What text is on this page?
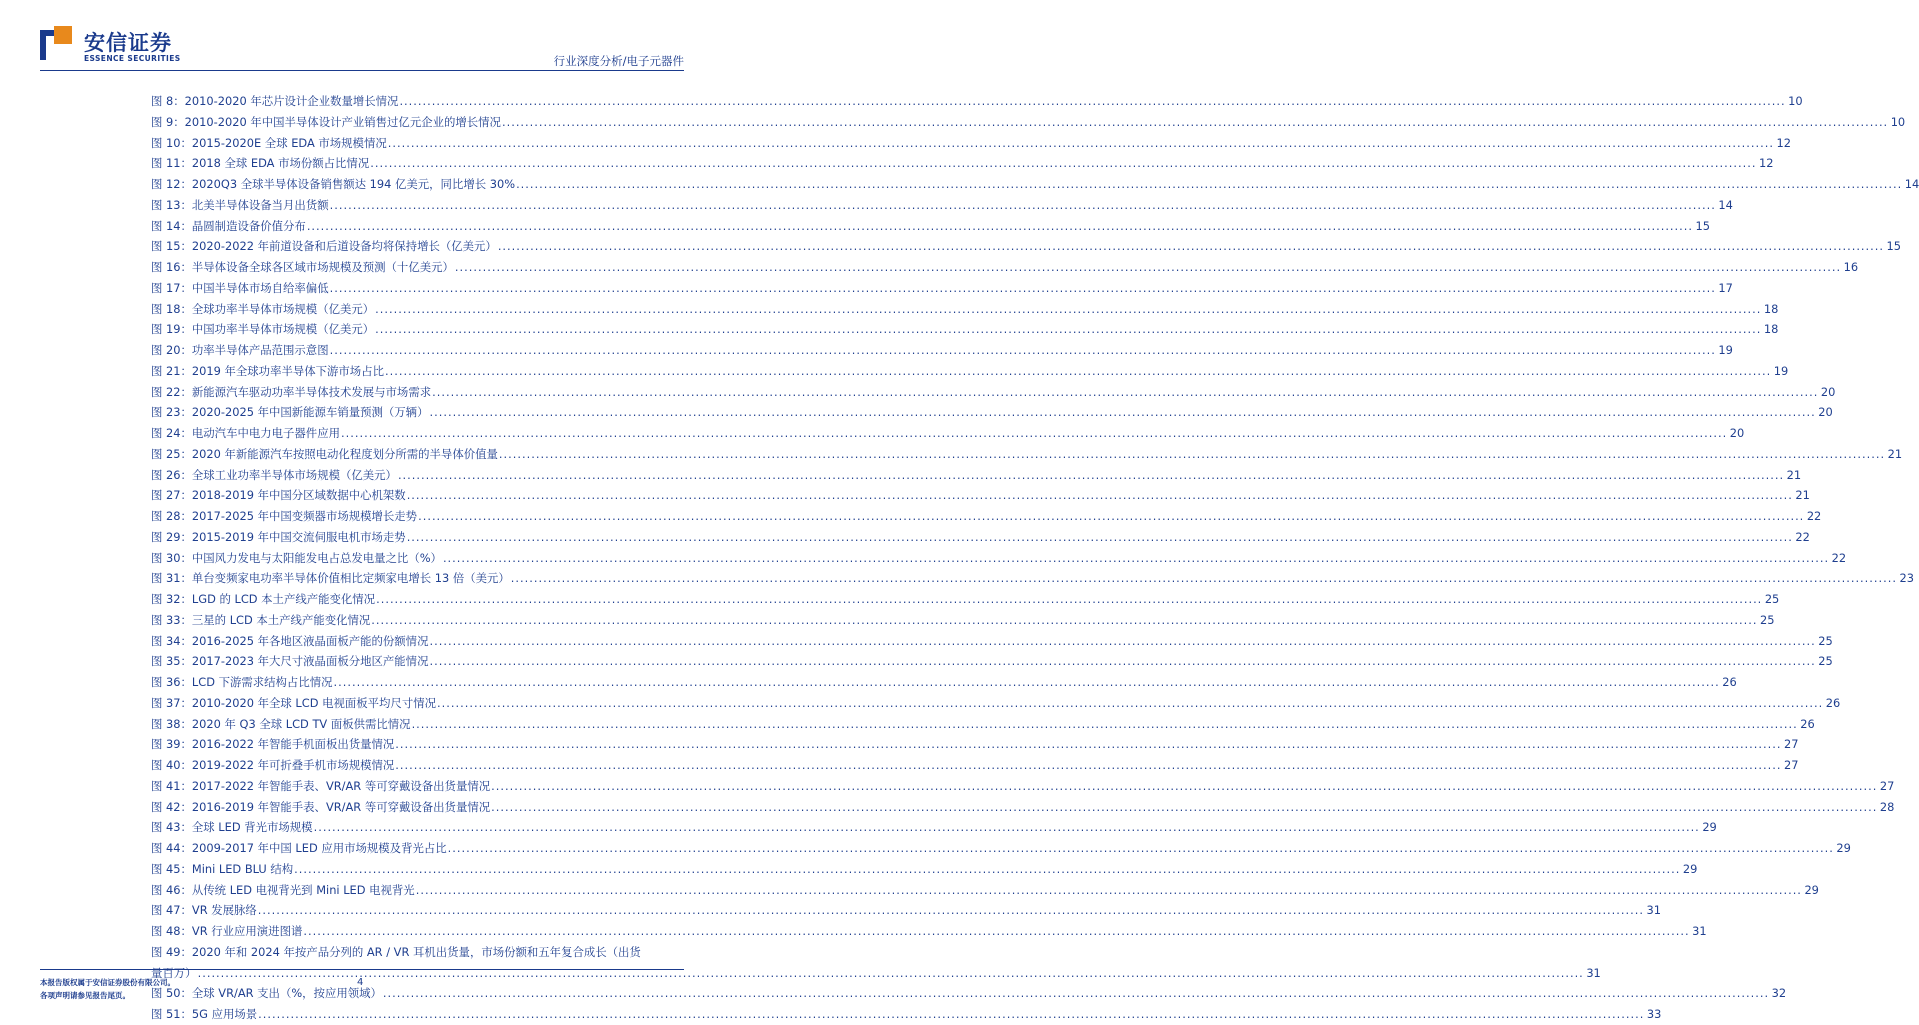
安信证券
ESSENCE SECURITIES	行业深度分析/电子元器件
图 8：2010-2020 年芯片设计企业数量增长情况 ............................................................................................................................................................................................................................................................................................................ 10
图 9：2010-2020 年中国半导体设计产业销售过亿元企业的增长情况 ............................................................................................................................................................................................................................................................................................................ 10
图 10：2015-2020E 全球 EDA 市场规模情况 ............................................................................................................................................................................................................................................................................................................ 12
图 11：2018 全球 EDA 市场份额占比情况 ............................................................................................................................................................................................................................................................................................................ 12
图 12：2020Q3 全球半导体设备销售额达 194 亿美元，同比增长 30% ............................................................................................................................................................................................................................................................................................................ 14
图 13：北美半导体设备当月出货额 ............................................................................................................................................................................................................................................................................................................ 14
图 14：晶圆制造设备价值分布 ............................................................................................................................................................................................................................................................................................................ 15
图 15：2020-2022 年前道设备和后道设备均将保持增长（亿美元） ............................................................................................................................................................................................................................................................................................................ 15
图 16：半导体设备全球各区域市场规模及预测（十亿美元） ............................................................................................................................................................................................................................................................................................................ 16
图 17：中国半导体市场自给率偏低 ............................................................................................................................................................................................................................................................................................................ 17
图 18：全球功率半导体市场规模（亿美元） ............................................................................................................................................................................................................................................................................................................ 18
图 19：中国功率半导体市场规模（亿美元） ............................................................................................................................................................................................................................................................................................................ 18
图 20：功率半导体产品范围示意图 ............................................................................................................................................................................................................................................................................................................ 19
图 21：2019 年全球功率半导体下游市场占比 ............................................................................................................................................................................................................................................................................................................ 19
图 22：新能源汽车驱动功率半导体技术发展与市场需求 ............................................................................................................................................................................................................................................................................................................ 20
图 23：2020-2025 年中国新能源车销量预测（万辆） ............................................................................................................................................................................................................................................................................................................ 20
图 24：电动汽车中电力电子器件应用 ............................................................................................................................................................................................................................................................................................................ 20
图 25：2020 年新能源汽车按照电动化程度划分所需的半导体价值量 ............................................................................................................................................................................................................................................................................................................ 21
图 26：全球工业功率半导体市场规模（亿美元） ............................................................................................................................................................................................................................................................................................................ 21
图 27：2018-2019 年中国分区域数据中心机架数 ............................................................................................................................................................................................................................................................................................................ 21
图 28：2017-2025 年中国变频器市场规模增长走势 ............................................................................................................................................................................................................................................................................................................ 22
图 29：2015-2019 年中国交流伺服电机市场走势 ............................................................................................................................................................................................................................................................................................................ 22
图 30：中国风力发电与太阳能发电占总发电量之比（%） ............................................................................................................................................................................................................................................................................................................ 22
图 31：单台变频家电功率半导体价值相比定频家电增长 13 倍（美元） ............................................................................................................................................................................................................................................................................................................ 23
图 32：LGD 的 LCD 本土产线产能变化情况 ............................................................................................................................................................................................................................................................................................................ 25
图 33：三星的 LCD 本土产线产能变化情况 ............................................................................................................................................................................................................................................................................................................ 25
图 34：2016-2025 年各地区液晶面板产能的份额情况 ............................................................................................................................................................................................................................................................................................................ 25
图 35：2017-2023 年大尺寸液晶面板分地区产能情况 ............................................................................................................................................................................................................................................................................................................ 25
图 36：LCD 下游需求结构占比情况 ............................................................................................................................................................................................................................................................................................................ 26
图 37：2010-2020 年全球 LCD 电视面板平均尺寸情况 ............................................................................................................................................................................................................................................................................................................ 26
图 38：2020 年 Q3 全球 LCD TV 面板供需比情况 ............................................................................................................................................................................................................................................................................................................ 26
图 39：2016-2022 年智能手机面板出货量情况 ............................................................................................................................................................................................................................................................................................................ 27
图 40：2019-2022 年可折叠手机市场规模情况 ............................................................................................................................................................................................................................................................................................................ 27
图 41：2017-2022 年智能手表、VR/AR 等可穿戴设备出货量情况 ............................................................................................................................................................................................................................................................................................................ 27
图 42：2016-2019 年智能手表、VR/AR 等可穿戴设备出货量情况 ............................................................................................................................................................................................................................................................................................................ 28
图 43：全球 LED 背光市场规模 ............................................................................................................................................................................................................................................................................................................ 29
图 44：2009-2017 年中国 LED 应用市场规模及背光占比 ............................................................................................................................................................................................................................................................................................................ 29
图 45：Mini LED BLU 结构 ............................................................................................................................................................................................................................................................................................................ 29
图 46：从传统 LED 电视背光到 Mini LED 电视背光 ............................................................................................................................................................................................................................................................................................................ 29
图 47：VR 发展脉络 ............................................................................................................................................................................................................................................................................................................ 31
图 48：VR 行业应用演进图谱 ............................................................................................................................................................................................................................................................................................................ 31
图 49：2020 年和 2024 年按产品分列的 AR / VR 耳机出货量，市场份额和五年复合成长（出货
量百万） ............................................................................................................................................................................................................................................................................................................ 31
图 50：全球 VR/AR 支出（%，按应用领域） ............................................................................................................................................................................................................................................................................................................ 32
图 51：5G 应用场景 ............................................................................................................................................................................................................................................................................................................ 33
本报告版权属于安信证券股份有限公司。
各项声明请参见报告尾页。
4
